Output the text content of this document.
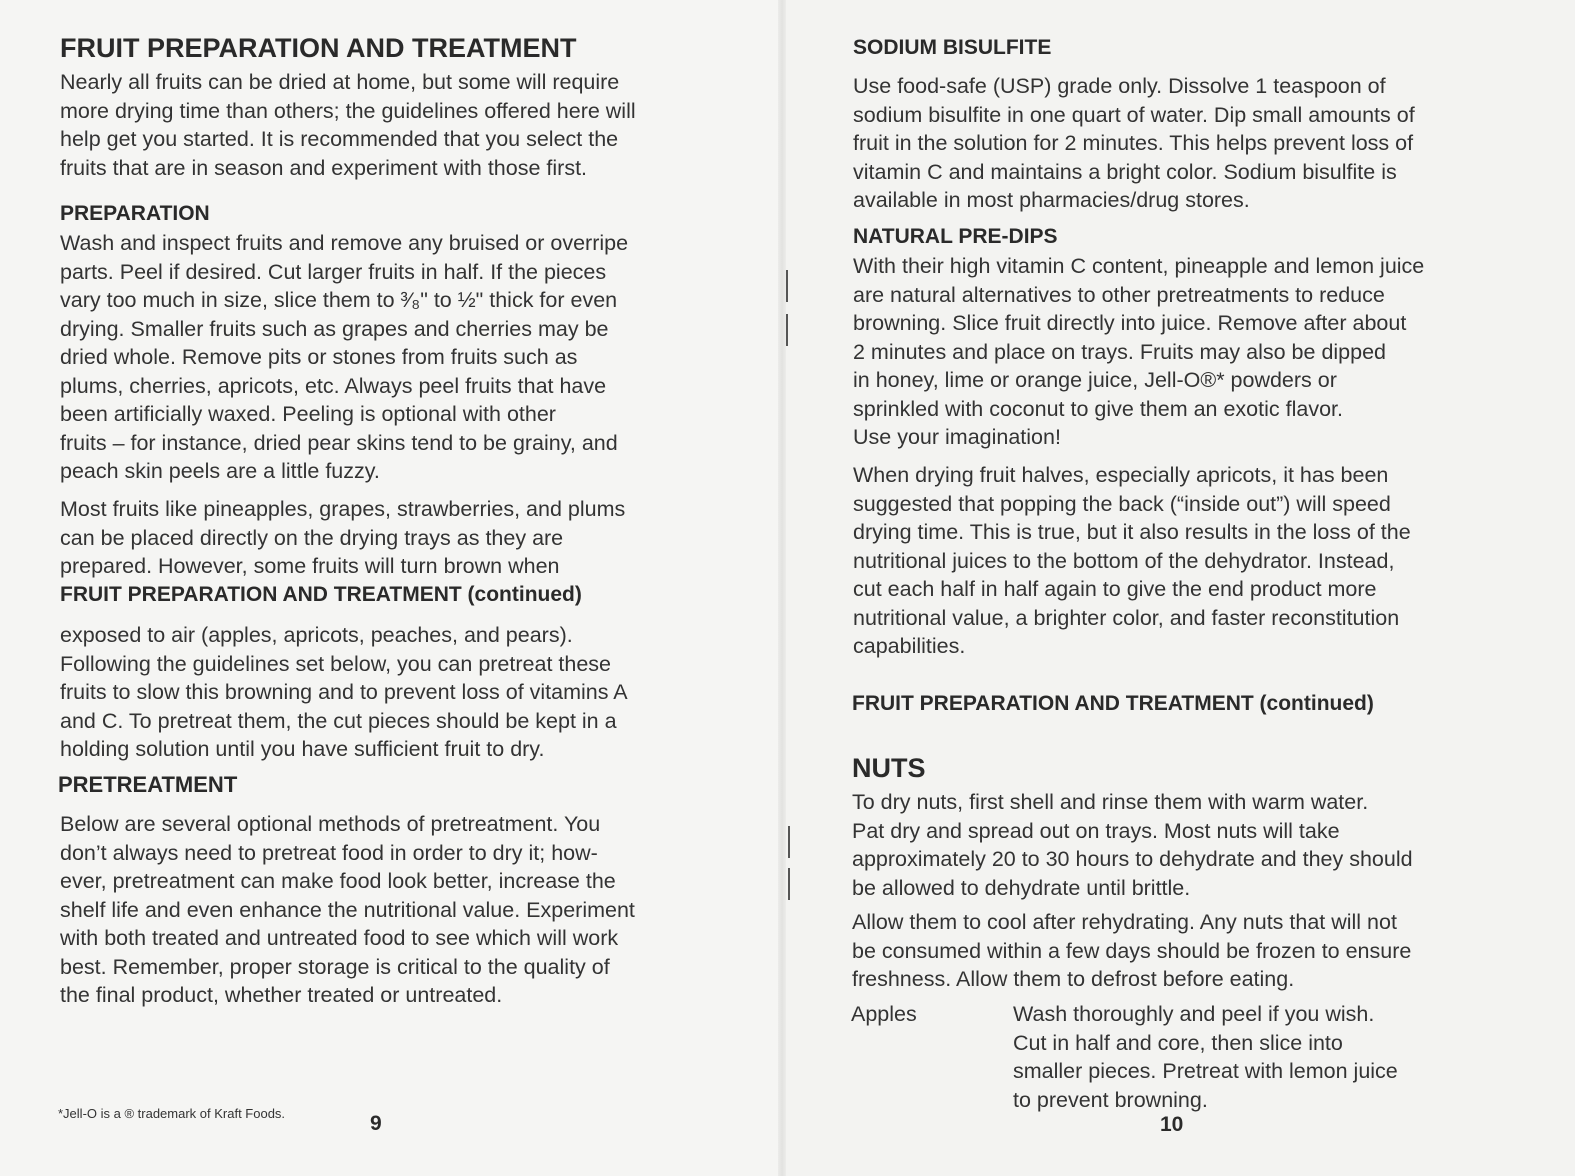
FRUIT PREPARATION AND TREATMENT

Nearly all fruits can be dried at home, but some will require

more drying time than others; the guidelines offered here will

help get you started. It is recommended that you select the

fruits that are in season and experiment with those first.

PREPARATION

Wash and inspect fruits and remove any bruised or overripe

parts. Peel if desired. Cut larger fruits in half. If the pieces

vary too much in size, slice them to ³⁄₈" to ½" thick for even

drying. Smaller fruits such as grapes and cherries may be

dried whole. Remove pits or stones from fruits such as

plums, cherries, apricots, etc. Always peel fruits that have

been artificially waxed. Peeling is optional with other

fruits – for instance, dried pear skins tend to be grainy, and

peach skin peels are a little fuzzy.

Most fruits like pineapples, grapes, strawberries, and plums

can be placed directly on the drying trays as they are

prepared. However, some fruits will turn brown when

FRUIT PREPARATION AND TREATMENT (continued)

exposed to air (apples, apricots, peaches, and pears).

Following the guidelines set below, you can pretreat these

fruits to slow this browning and to prevent loss of vitamins A

and C. To pretreat them, the cut pieces should be kept in a

holding solution until you have sufficient fruit to dry.

PRETREATMENT

Below are several optional methods of pretreatment. You

don’t always need to pretreat food in order to dry it; how-

ever, pretreatment can make food look better, increase the

shelf life and even enhance the nutritional value. Experiment

with both treated and untreated food to see which will work

best. Remember, proper storage is critical to the quality of

the final product, whether treated or untreated.

*Jell-O is a ® trademark of Kraft Foods.	9
SODIUM BISULFITE

Use food-safe (USP) grade only. Dissolve 1 teaspoon of

sodium bisulfite in one quart of water. Dip small amounts of

fruit in the solution for 2 minutes. This helps prevent loss of

vitamin C and maintains a bright color. Sodium bisulfite is

available in most pharmacies/drug stores.

NATURAL PRE-DIPS

With their high vitamin C content, pineapple and lemon juice

are natural alternatives to other pretreatments to reduce

browning. Slice fruit directly into juice. Remove after about

2 minutes and place on trays. Fruits may also be dipped

in honey, lime or orange juice, Jell-O®* powders or

sprinkled with coconut to give them an exotic flavor.

Use your imagination!

When drying fruit halves, especially apricots, it has been

suggested that popping the back (“inside out”) will speed

drying time. This is true, but it also results in the loss of the

nutritional juices to the bottom of the dehydrator. Instead,

cut each half in half again to give the end product more

nutritional value, a brighter color, and faster reconstitution

capabilities.

FRUIT PREPARATION AND TREATMENT (continued)
NUTS

To dry nuts, first shell and rinse them with warm water.

Pat dry and spread out on trays. Most nuts will take

approximately 20 to 30 hours to dehydrate and they should

be allowed to dehydrate until brittle.

Allow them to cool after rehydrating. Any nuts that will not

be consumed within a few days should be frozen to ensure

freshness. Allow them to defrost before eating.

Apples	Wash thoroughly and peel if you wish.

Cut in half and core, then slice into

smaller pieces. Pretreat with lemon juice

to prevent browning.

10
